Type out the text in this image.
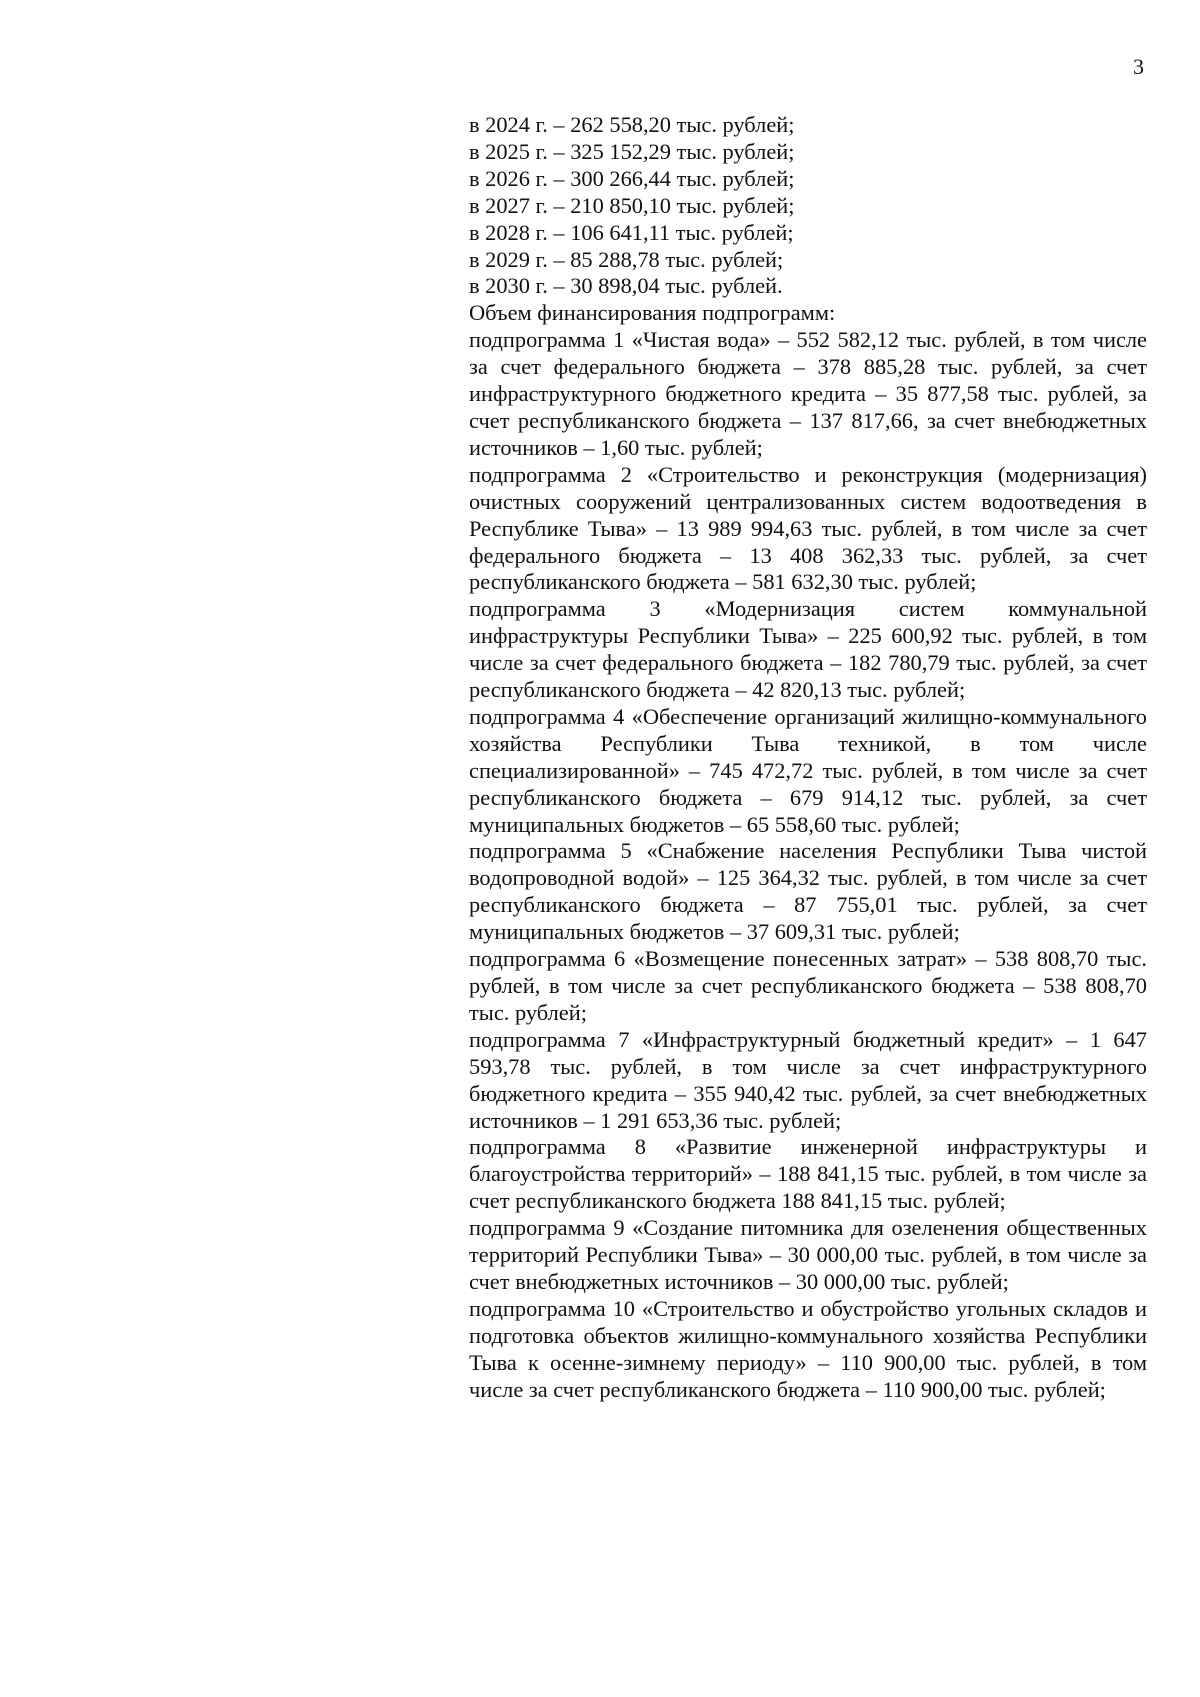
3
в 2024 г. – 262 558,20 тыс. рублей;
в 2025 г. – 325 152,29 тыс. рублей;
в 2026 г. – 300 266,44 тыс. рублей;
в 2027 г. – 210 850,10 тыс. рублей;
в 2028 г. – 106 641,11 тыс. рублей;
в 2029 г. – 85 288,78 тыс. рублей;
в 2030 г. – 30 898,04 тыс. рублей.
Объем финансирования подпрограмм:
подпрограмма 1 «Чистая вода» – 552 582,12 тыс. рублей, в том числе за счет федерального бюджета – 378 885,28 тыс. рублей, за счет инфраструктурного бюджетного кредита – 35 877,58 тыс. рублей, за счет республиканского бюджета – 137 817,66, за счет внебюджетных источников – 1,60 тыс. рублей;
подпрограмма 2 «Строительство и реконструкция (модернизация) очистных сооружений централизованных систем водоотведения в Республике Тыва» – 13 989 994,63 тыс. рублей, в том числе за счет федерального бюджета – 13 408 362,33 тыс. рублей, за счет республиканского бюджета – 581 632,30 тыс. рублей;
подпрограмма 3 «Модернизация систем коммунальной инфраструктуры Республики Тыва» – 225 600,92 тыс. рублей, в том числе за счет федерального бюджета – 182 780,79 тыс. рублей, за счет республиканского бюджета – 42 820,13 тыс. рублей;
подпрограмма 4 «Обеспечение организаций жилищно-коммунального хозяйства Республики Тыва техникой, в том числе специализированной» – 745 472,72 тыс. рублей, в том числе за счет республиканского бюджета – 679 914,12 тыс. рублей, за счет муниципальных бюджетов – 65 558,60 тыс. рублей;
подпрограмма 5 «Снабжение населения Республики Тыва чистой водопроводной водой» – 125 364,32 тыс. рублей, в том числе за счет республиканского бюджета – 87 755,01 тыс. рублей, за счет муниципальных бюджетов – 37 609,31 тыс. рублей;
подпрограмма 6 «Возмещение понесенных затрат» – 538 808,70 тыс. рублей, в том числе за счет республиканского бюджета – 538 808,70 тыс. рублей;
подпрограмма 7 «Инфраструктурный бюджетный кредит» – 1 647 593,78 тыс. рублей, в том числе за счет инфраструктурного бюджетного кредита – 355 940,42 тыс. рублей, за счет внебюджетных источников – 1 291 653,36 тыс. рублей;
подпрограмма 8 «Развитие инженерной инфраструктуры и благоустройства территорий» – 188 841,15 тыс. рублей, в том числе за счет республиканского бюджета 188 841,15 тыс. рублей;
подпрограмма 9 «Создание питомника для озеленения общественных территорий Республики Тыва» – 30 000,00 тыс. рублей, в том числе за счет внебюджетных источников – 30 000,00 тыс. рублей;
подпрограмма 10 «Строительство и обустройство угольных складов и подготовка объектов жилищно-коммунального хозяйства Республики Тыва к осенне-зимнему периоду» – 110 900,00 тыс. рублей, в том числе за счет республиканского бюджета – 110 900,00 тыс. рублей;
